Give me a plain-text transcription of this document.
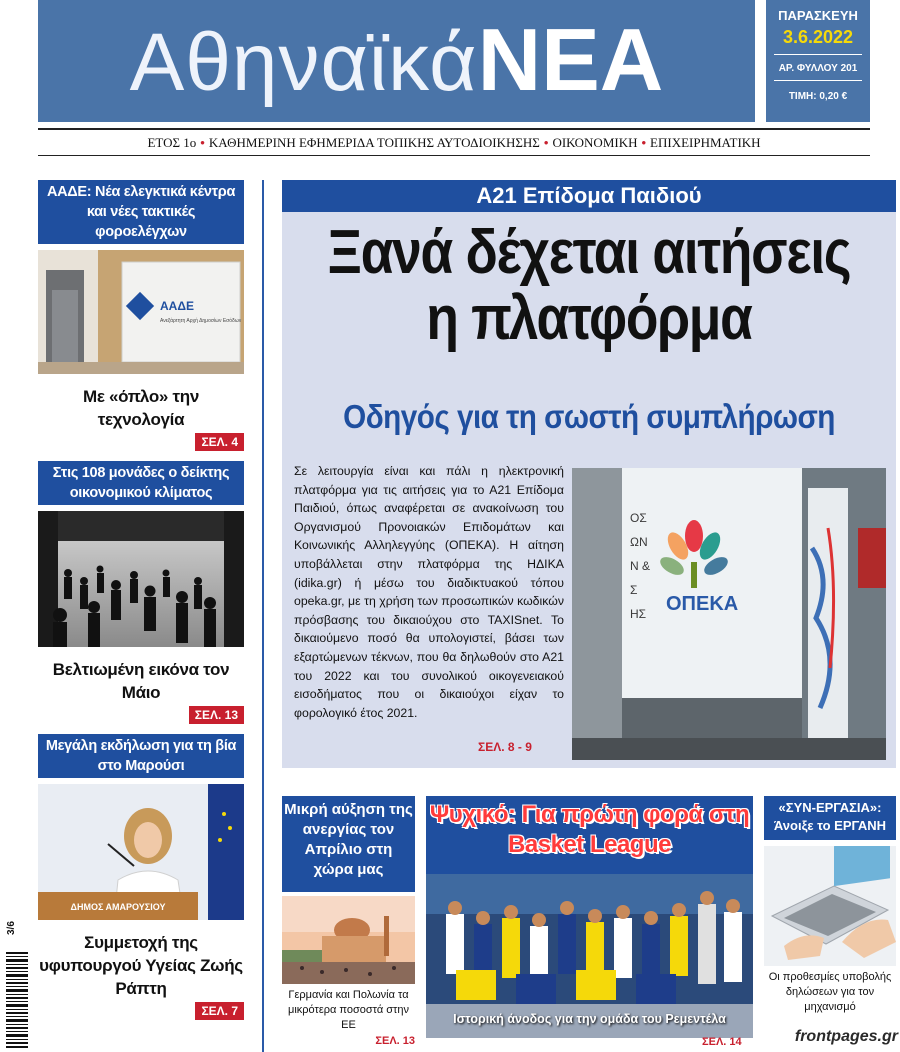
ΑθηναϊκάΝΕΑ	ΠΑΡΑΣΚΕΥΗ
3.6.2022
ΑΡ. ΦΥΛΛΟΥ 201
ΤΙΜΗ: 0,20 €
ΕΤΟΣ 1ο • ΚΑΘΗΜΕΡΙΝΗ ΕΦΗΜΕΡΙΔΑ ΤΟΠΙΚΗΣ ΑΥΤΟΔΙΟΙΚΗΣΗΣ • ΟΙΚΟΝΟΜΙΚΗ • ΕΠΙΧΕΙΡΗΜΑΤΙΚΗ
ΑΑΔΕ: Νέα ελεγκτικά κέντρα και νέες τακτικές φοροελέγχων
ΑΑΔΕ
Ανεξάρτητη Αρχή Δημοσίων Εσόδων
Με «όπλο» την τεχνολογία
ΣΕΛ. 4
Στις 108 μονάδες ο δείκτης οικονομικού κλίματος
Βελτιωμένη εικόνα τον Μάιο
ΣΕΛ. 13
Μεγάλη εκδήλωση για τη βία στο Μαρούσι
ΔΗΜΟΣ ΑΜΑΡΟΥΣΙΟΥ
Συμμετοχή της υφυπουργού Υγείας Ζωής Ράπτη
ΣΕΛ. 7
Α21 Επίδομα Παιδιού
Ξανά δέχεται αιτήσεις
η πλατφόρμα
Οδηγός για τη σωστή συμπλήρωση
Σε λειτουργία είναι και πάλι η ηλεκτρονική πλατφόρμα για τις αιτήσεις για το Α21 Επίδομα Παιδιού, όπως αναφέρεται σε ανακοίνωση του Οργανισμού Προνοιακών Επιδομάτων και Κοινωνικής Αλληλεγγύης (ΟΠΕΚΑ). Η αίτηση υποβάλλεται στην πλατφόρμα της ΗΔΙΚΑ (idika.gr) ή μέσω του διαδικτυακού τόπου opeka.gr, με τη χρήση των προσωπικών κωδικών πρόσβασης του δικαιούχου στο TAXISnet. Το δικαιούμενο ποσό θα υπολογιστεί, βάσει των εξαρτώμενων τέκνων, που θα δηλωθούν στο Α21 του 2022 και του συνολικού οικογενειακού εισοδήματος που οι δικαιούχοι είχαν το φορολογικό έτος 2021.
ΣΕΛ. 8 - 9
ΟΣ
ΩΝ
Ν &
Σ
ΗΣ ΟΠΕΚΑ
Μικρή αύξηση της ανεργίας τον Απρίλιο στη χώρα μας
Γερμανία και Πολωνία τα μικρότερα ποσοστά στην ΕΕ
ΣΕΛ. 13
Ψυχικό: Για πρώτη φορά στη Basket League
Ιστορική άνοδος για την ομάδα του Ρεμεντέλα
ΣΕΛ. 14
«ΣΥΝ-ΕΡΓΑΣΙΑ»: Άνοιξε το ΕΡΓΑΝΗ
Οι προθεσμίες υποβολής δηλώσεων για τον μηχανισμό
frontpages.gr
3/6
